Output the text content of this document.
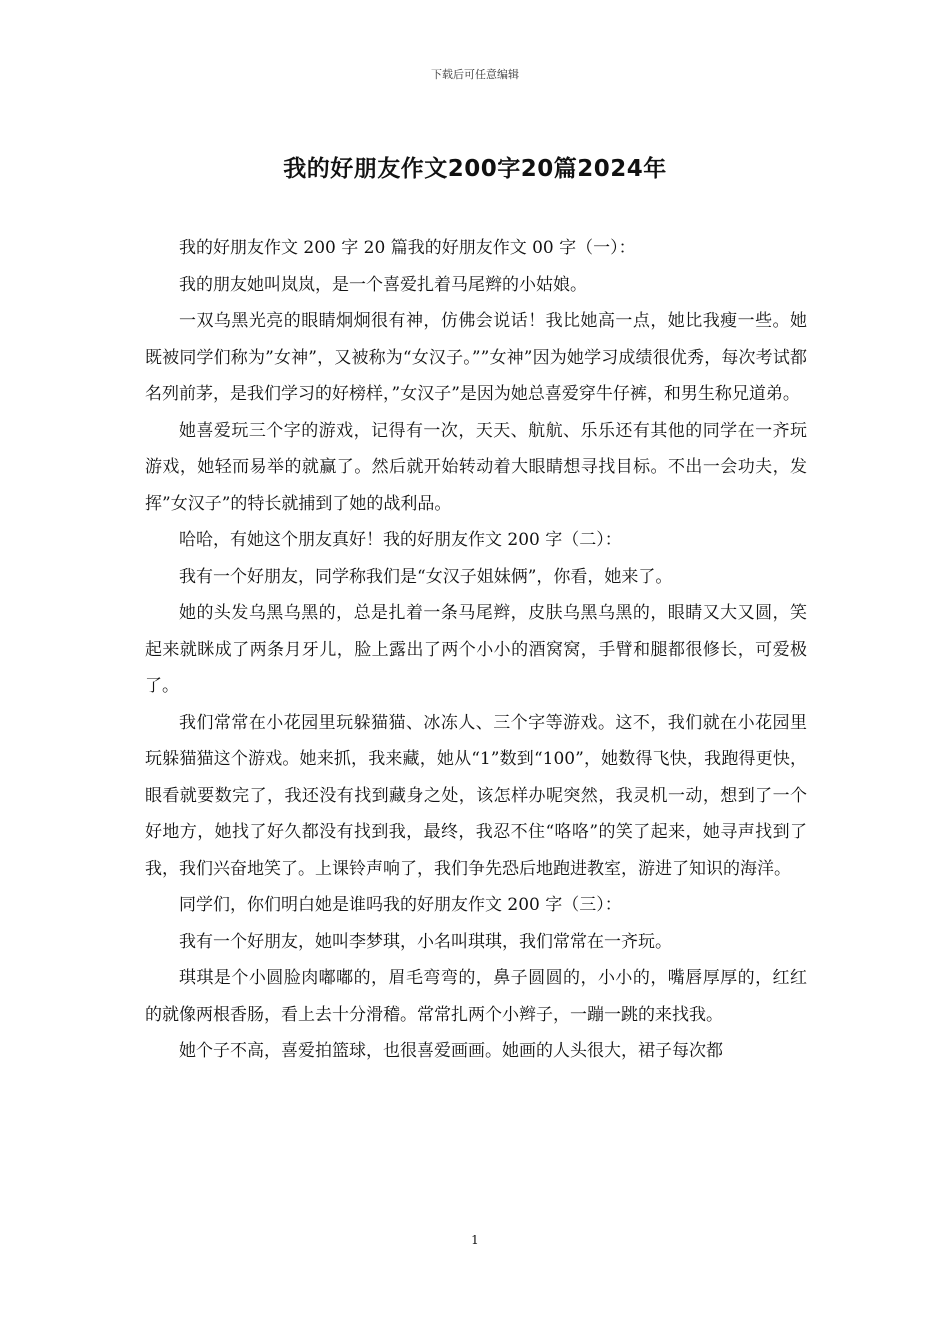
下载后可任意编辑
我的好朋友作文200字20篇2024年

我的好朋友作文 200 字 20 篇我的好朋友作文 00 字（一）：

我的朋友她叫岚岚，是一个喜爱扎着马尾辫的小姑娘。

一双乌黑光亮的眼睛炯炯很有神，仿佛会说话！我比她高一点，她比我瘦一些。她既被同学们称为”女神”，又被称为“女汉子。””女神”因为她学习成绩很优秀，每次考试都名列前茅，是我们学习的好榜样，”女汉子”是因为她总喜爱穿牛仔裤，和男生称兄道弟。

她喜爱玩三个字的游戏，记得有一次，天天、航航、乐乐还有其他的同学在一齐玩游戏，她轻而易举的就赢了。然后就开始转动着大眼睛想寻找目标。不出一会功夫，发挥”女汉子”的特长就捕到了她的战利品。

哈哈，有她这个朋友真好！我的好朋友作文 200 字（二）：

我有一个好朋友，同学称我们是“女汉子姐妹俩”，你看，她来了。

她的头发乌黑乌黑的，总是扎着一条马尾辫，皮肤乌黑乌黑的，眼睛又大又圆，笑起来就眯成了两条月牙儿，脸上露出了两个小小的酒窝窝，手臂和腿都很修长，可爱极了。

我们常常在小花园里玩躲猫猫、冰冻人、三个字等游戏。这不，我们就在小花园里玩躲猫猫这个游戏。她来抓，我来藏，她从“1”数到“100”，她数得飞快，我跑得更快，眼看就要数完了，我还没有找到藏身之处，该怎样办呢突然，我灵机一动，想到了一个好地方，她找了好久都没有找到我，最终，我忍不住“咯咯”的笑了起来，她寻声找到了我，我们兴奋地笑了。上课铃声响了，我们争先恐后地跑进教室，游进了知识的海洋。

同学们，你们明白她是谁吗我的好朋友作文 200 字（三）：

我有一个好朋友，她叫李梦琪，小名叫琪琪，我们常常在一齐玩。

琪琪是个小圆脸肉嘟嘟的，眉毛弯弯的，鼻子圆圆的，小小的，嘴唇厚厚的，红红的就像两根香肠，看上去十分滑稽。常常扎两个小辫子，一蹦一跳的来找我。

她个子不高，喜爱拍篮球，也很喜爱画画。她画的人头很大，裙子每次都

1
